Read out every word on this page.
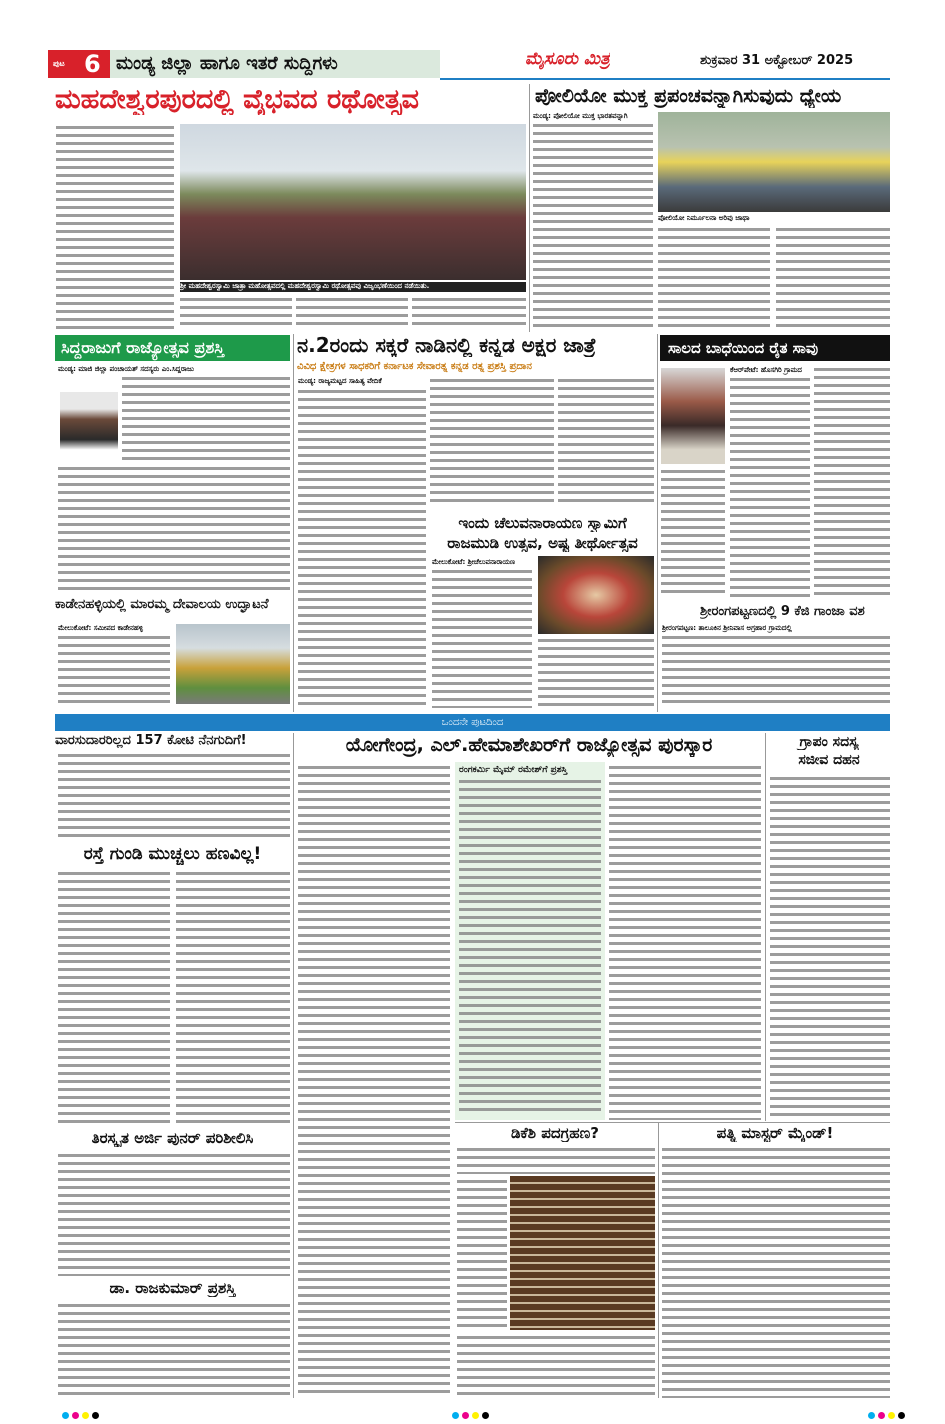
ಪುಟ 6 ಮಂಡ್ಯ ಜಿಲ್ಲಾ ಹಾಗೂ ಇತರೆ ಸುದ್ದಿಗಳು	ಮೈಸೂರು ಮಿತ್ರ	ಶುಕ್ರವಾರ 31 ಅಕ್ಟೋಬರ್ 2025
ಮಹದೇಶ್ವರಪುರದಲ್ಲಿ ವೈಭವದ ರಥೋತ್ಸವ
ಶ್ರೀ ಮಹದೇಶ್ವರಸ್ವಾಮಿ ಜಾತ್ರಾ ಮಹೋತ್ಸವದಲ್ಲಿ ಮಹದೇಶ್ವರಸ್ವಾಮಿ ರಥೋತ್ಸವವು ವಿಜೃಂಭಣೆಯಿಂದ ನಡೆಯಿತು.
ಪೋಲಿಯೋ ಮುಕ್ತ ಪ್ರಪಂಚವನ್ನಾಗಿಸುವುದು ಧ್ಯೇಯ
ಮಂಡ್ಯ: ಪೋಲಿಯೋ ಮುಕ್ತ ಭಾರತವನ್ನಾಗಿ
ಪೋಲಿಯೋ ನಿರ್ಮೂಲನಾ ಅರಿವು ಜಾಥಾ
ಸಿದ್ದರಾಜುಗೆ ರಾಜ್ಯೋತ್ಸವ ಪ್ರಶಸ್ತಿ	ನ.2ರಂದು ಸಕ್ಕರೆ ನಾಡಿನಲ್ಲಿ ಕನ್ನಡ ಅಕ್ಷರ ಜಾತ್ರೆ
ವಿವಿಧ ಕ್ಷೇತ್ರಗಳ ಸಾಧಕರಿಗೆ ಕರ್ನಾಟಕ ಸೇವಾರತ್ನ ಕನ್ನಡ ರತ್ನ ಪ್ರಶಸ್ತಿ ಪ್ರದಾನ
ಸಾಲದ ಬಾಧೆಯಿಂದ ರೈತ ಸಾವು
ಮಂಡ್ಯ: ಮಾಜಿ ಜಿಲ್ಲಾ ಪಂಚಾಯತ್ ಸದಸ್ಯರು ಎಂ.ಸಿದ್ದರಾಜು
ಕಾಡೇನಹಳ್ಳಿಯಲ್ಲಿ ಮಾರಮ್ಮ ದೇವಾಲಯ ಉದ್ಘಾಟನೆ
ಮೇಲುಕೋಟೆ: ಸಮೀಪದ ಕಾಡೇನಹಳ್ಳಿ
ಮಂಡ್ಯ: ರಾಜ್ಯಮಟ್ಟದ ಸಾಹಿತ್ಯ ವೇದಿಕೆ
ಇಂದು ಚೆಲುವನಾರಾಯಣ ಸ್ವಾಮಿಗೆ
ರಾಜಮುಡಿ ಉತ್ಸವ, ಅಷ್ಟ ತೀರ್ಥೋತ್ಸವ
ಮೇಲುಕೋಟೆ: ಶ್ರೀಚೆಲುವನಾರಾಯಣ
ಕೆಆರ್‌ಪೇಟೆ: ಹೊಸಗಿರಿ ಗ್ರಾಮದ
ಶ್ರೀರಂಗಪಟ್ಟಣದಲ್ಲಿ 9 ಕೆಜಿ ಗಾಂಜಾ ವಶ
ಶ್ರೀರಂಗಪಟ್ಟಣ: ತಾಲೂಕಿನ ಶ್ರೀನಿವಾಸ ಅಗ್ರಹಾರ ಗ್ರಾಮದಲ್ಲಿ
ಒಂದನೇ ಪುಟದಿಂದ
ವಾರಸುದಾರರಿಲ್ಲದ 157 ಕೋಟಿ ನೆನಗುದಿಗೆ!
ರಸ್ತೆ ಗುಂಡಿ ಮುಚ್ಚಲು ಹಣವಿಲ್ಲ!
ತಿರಸ್ಕೃತ ಅರ್ಜಿ ಪುನರ್ ಪರಿಶೀಲಿಸಿ
ಡಾ. ರಾಜಕುಮಾರ್ ಪ್ರಶಸ್ತಿ
ಯೋಗೇಂದ್ರ, ಎಲ್.ಹೇಮಾಶೇಖರ್‌ಗೆ ರಾಜ್ಯೋತ್ಸವ ಪುರಸ್ಕಾರ
ರಂಗಕರ್ಮಿ ಮೈಮ್ ರಮೇಶ್‌ಗೆ ಪ್ರಶಸ್ತಿ
ಗ್ರಾಪಂ ಸದಸ್ಯ
ಸಜೀವ ದಹನ
ಡಿಕೆಶಿ ಪದಗ್ರಹಣ?	ಪತ್ನಿ ಮಾಸ್ಟರ್ ಮೈಂಡ್!
